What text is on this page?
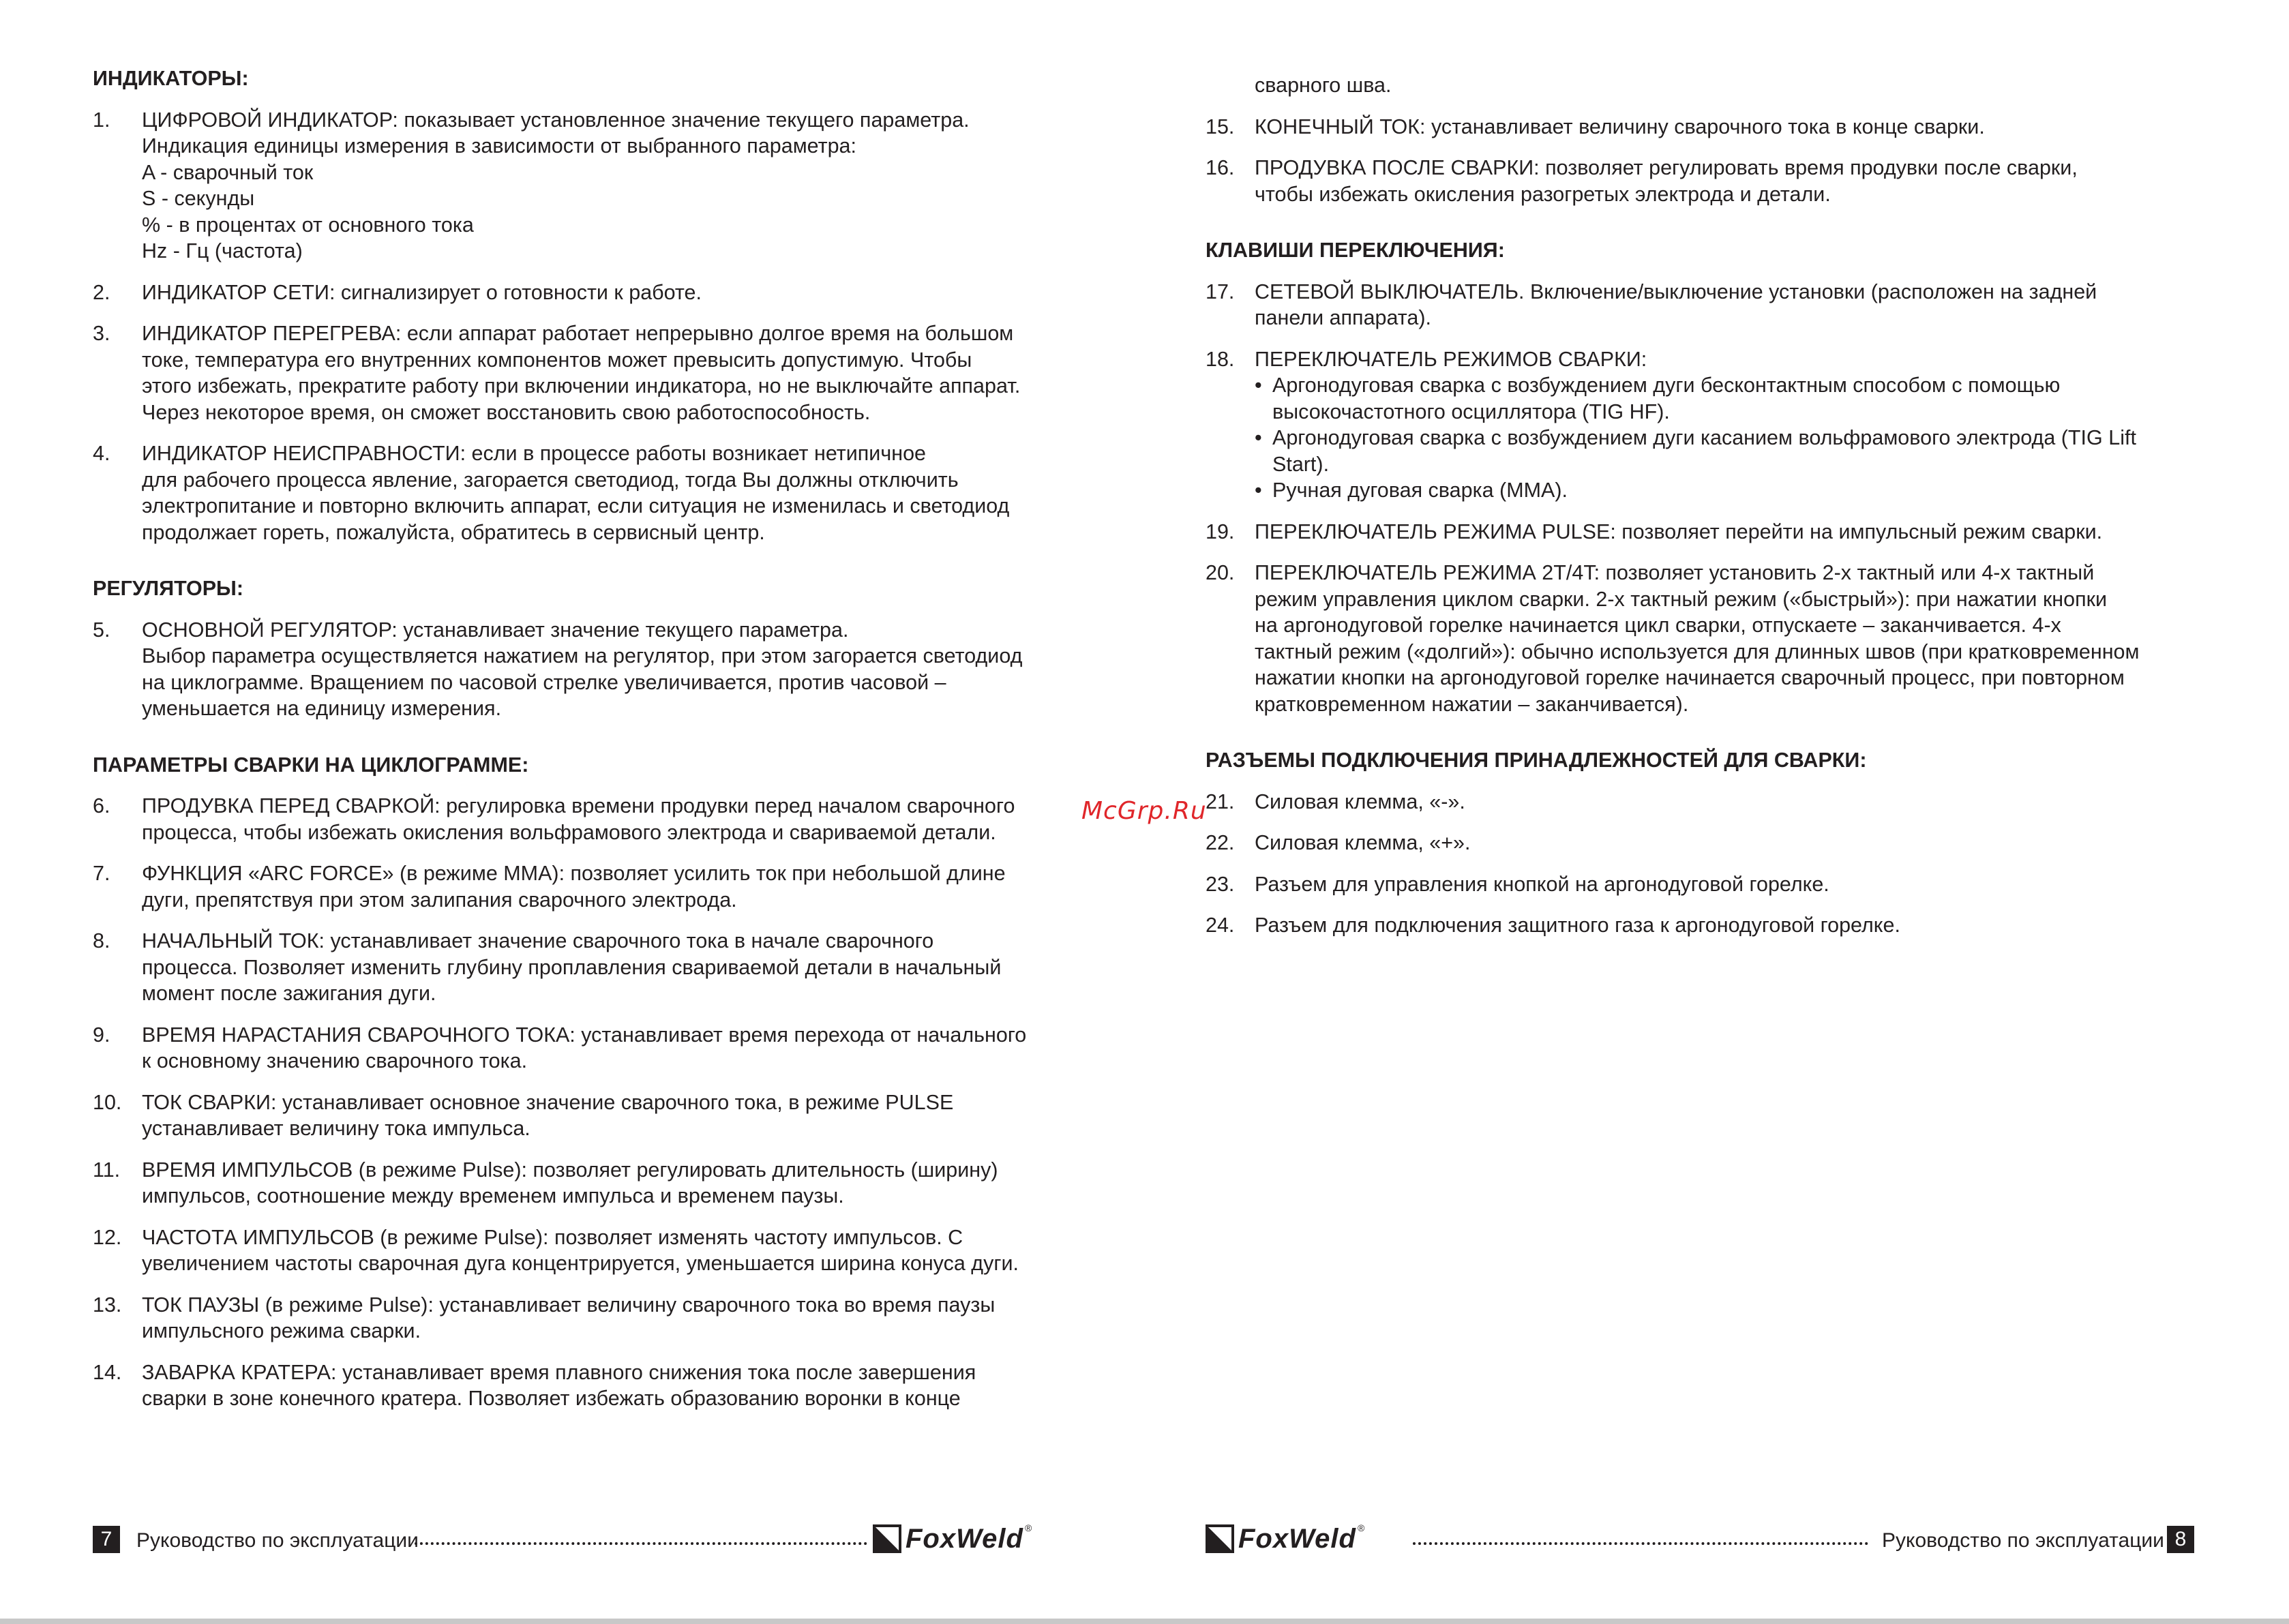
ИНДИКАТОРЫ:
1. ЦИФРОВОЙ ИНДИКАТОР: показывает установленное значение текущего параметра.
Индикация единицы измерения в зависимости от выбранного параметра:
A - сварочный ток
S - секунды
% - в процентах от основного тока
Hz - Гц (частота)
2. ИНДИКАТОР СЕТИ: сигнализирует о готовности к работе.
3. ИНДИКАТОР ПЕРЕГРЕВА: если аппарат работает непрерывно долгое время на большом
токе, температура его внутренних компонентов может превысить допустимую. Чтобы
этого избежать, прекратите работу при включении индикатора, но не выключайте аппарат.
Через некоторое время, он сможет восстановить свою работоспособность.
4. ИНДИКАТОР НЕИСПРАВНОСТИ: если в процессе работы возникает нетипичное
для рабочего процесса явление, загорается светодиод, тогда Вы должны отключить
электропитание и повторно включить аппарат, если ситуация не изменилась и светодиод
продолжает гореть, пожалуйста, обратитесь в сервисный центр.
РЕГУЛЯТОРЫ:
5. ОСНОВНОЙ РЕГУЛЯТОР: устанавливает значение текущего параметра.
Выбор параметра осуществляется нажатием на регулятор, при этом загорается светодиод
на циклограмме. Вращением по часовой стрелке увеличивается, против часовой –
уменьшается на единицу измерения.
ПАРАМЕТРЫ СВАРКИ НА ЦИКЛОГРАММЕ:
6. ПРОДУВКА ПЕРЕД СВАРКОЙ: регулировка времени продувки перед началом сварочного
процесса, чтобы избежать окисления вольфрамового электрода и свариваемой детали.
7. ФУНКЦИЯ «ARC FORCE» (в режиме MMA): позволяет усилить ток при небольшой длине
дуги, препятствуя при этом залипания сварочного электрода.
8. НАЧАЛЬНЫЙ ТОК: устанавливает значение сварочного тока в начале сварочного
процесса. Позволяет изменить глубину проплавления свариваемой детали в начальный
момент после зажигания дуги.
9. ВРЕМЯ НАРАСТАНИЯ СВАРОЧНОГО ТОКА: устанавливает время перехода от начального
к основному значению сварочного тока.
10. ТОК СВАРКИ: устанавливает основное значение сварочного тока, в режиме PULSE
устанавливает величину тока импульса.
11. ВРЕМЯ ИМПУЛЬСОВ (в режиме Pulse): позволяет регулировать длительность (ширину)
импульсов, соотношение между временем импульса и временем паузы.
12. ЧАСТОТА ИМПУЛЬСОВ (в режиме Pulse): позволяет изменять частоту импульсов. С
увеличением частоты сварочная дуга концентрируется, уменьшается ширина конуса дуги.
13. ТОК ПАУЗЫ (в режиме Pulse): устанавливает величину сварочного тока во время паузы
импульсного режима сварки.
14. ЗАВАРКА КРАТЕРА: устанавливает время плавного снижения тока после завершения
сварки в зоне конечного кратера. Позволяет избежать образованию воронки в конце
сварного шва.
15. КОНЕЧНЫЙ ТОК: устанавливает величину сварочного тока в конце сварки.
16. ПРОДУВКА ПОСЛЕ СВАРКИ: позволяет регулировать время продувки после сварки,
чтобы избежать окисления разогретых электрода и детали.
КЛАВИШИ ПЕРЕКЛЮЧЕНИЯ:
17. СЕТЕВОЙ ВЫКЛЮЧАТЕЛЬ. Включение/выключение установки (расположен на задней
панели аппарата).
18. ПЕРЕКЛЮЧАТЕЛЬ РЕЖИМОВ СВАРКИ:
• Аргонодуговая сварка с возбуждением дуги бесконтактным способом с помощью
высокочастотного осциллятора (TIG HF).
• Аргонодуговая сварка с возбуждением дуги касанием вольфрамового электрода (TIG Lift
Start).
• Ручная дуговая сварка (MMA).
19. ПЕРЕКЛЮЧАТЕЛЬ РЕЖИМА PULSE: позволяет перейти на импульсный режим сварки.
20. ПЕРЕКЛЮЧАТЕЛЬ РЕЖИМА 2T/4T: позволяет установить 2-х тактный или 4-х тактный
режим управления циклом сварки. 2-х тактный режим («быстрый»): при нажатии кнопки
на аргонодуговой горелке начинается цикл сварки, отпускаете – заканчивается. 4-х
тактный режим («долгий»): обычно используется для длинных швов (при кратковременном
нажатии кнопки на аргонодуговой горелке начинается сварочный процесс, при повторном
кратковременном нажатии – заканчивается).
РАЗЪЕМЫ ПОДКЛЮЧЕНИЯ ПРИНАДЛЕЖНОСТЕЙ ДЛЯ СВАРКИ:
21. Силовая клемма, «-».
22. Силовая клемма, «+».
23. Разъем для управления кнопкой на аргонодуговой горелке.
24. Разъем для подключения защитного газа к аргонодуговой горелке.
McGrp.Ru
7	Руководство по эксплуатации	FoxWeld ®	FoxWeld ®
Руководство по эксплуатации 8
